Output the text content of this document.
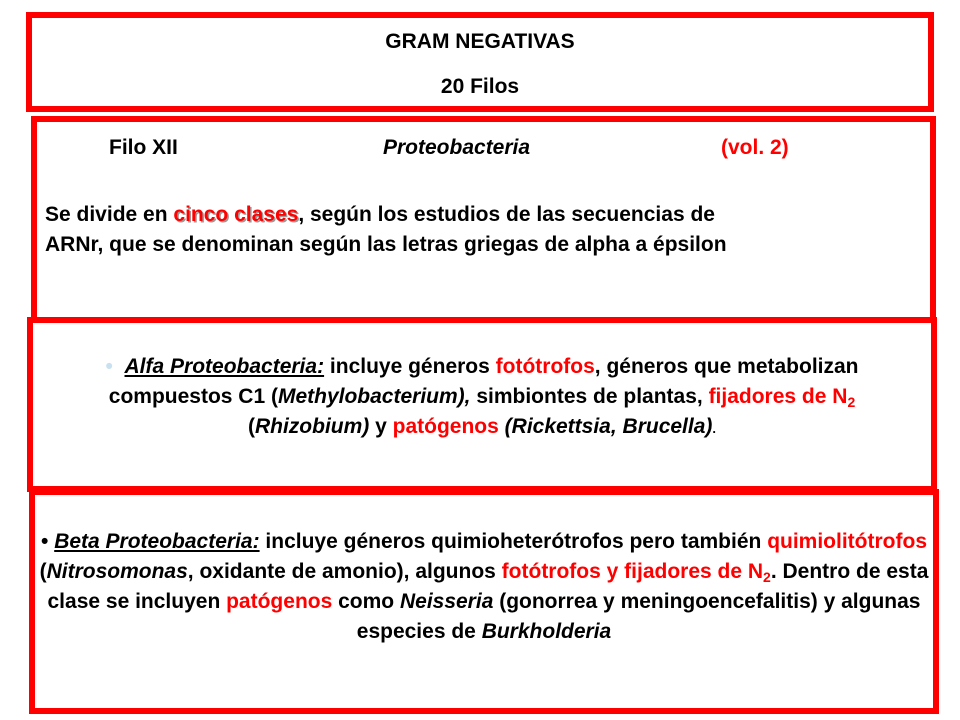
GRAM NEGATIVAS
20 Filos
Filo XII	Proteobacteria	(vol. 2)
Se divide en cinco clases, según los estudios de las secuencias de
ARNr, que se denominan según las letras griegas de alpha a épsilon

• Alfa Proteobacteria: incluye géneros fotótrofos, géneros que metabolizan compuestos C1 (Methylobacterium), simbiontes de plantas, fijadores de $N_2$ (Rhizobium) y patógenos (Rickettsia, Brucella).

• Beta Proteobacteria: incluye géneros quimioheterótrofos pero también quimiolitótrofos (Nitrosomonas, oxidante de amonio), algunos fotótrofos y fijadores de $N_2$. Dentro de esta clase se incluyen patógenos como Neisseria (gonorrea y meningoencefalitis) y algunas especies de Burkholderia
